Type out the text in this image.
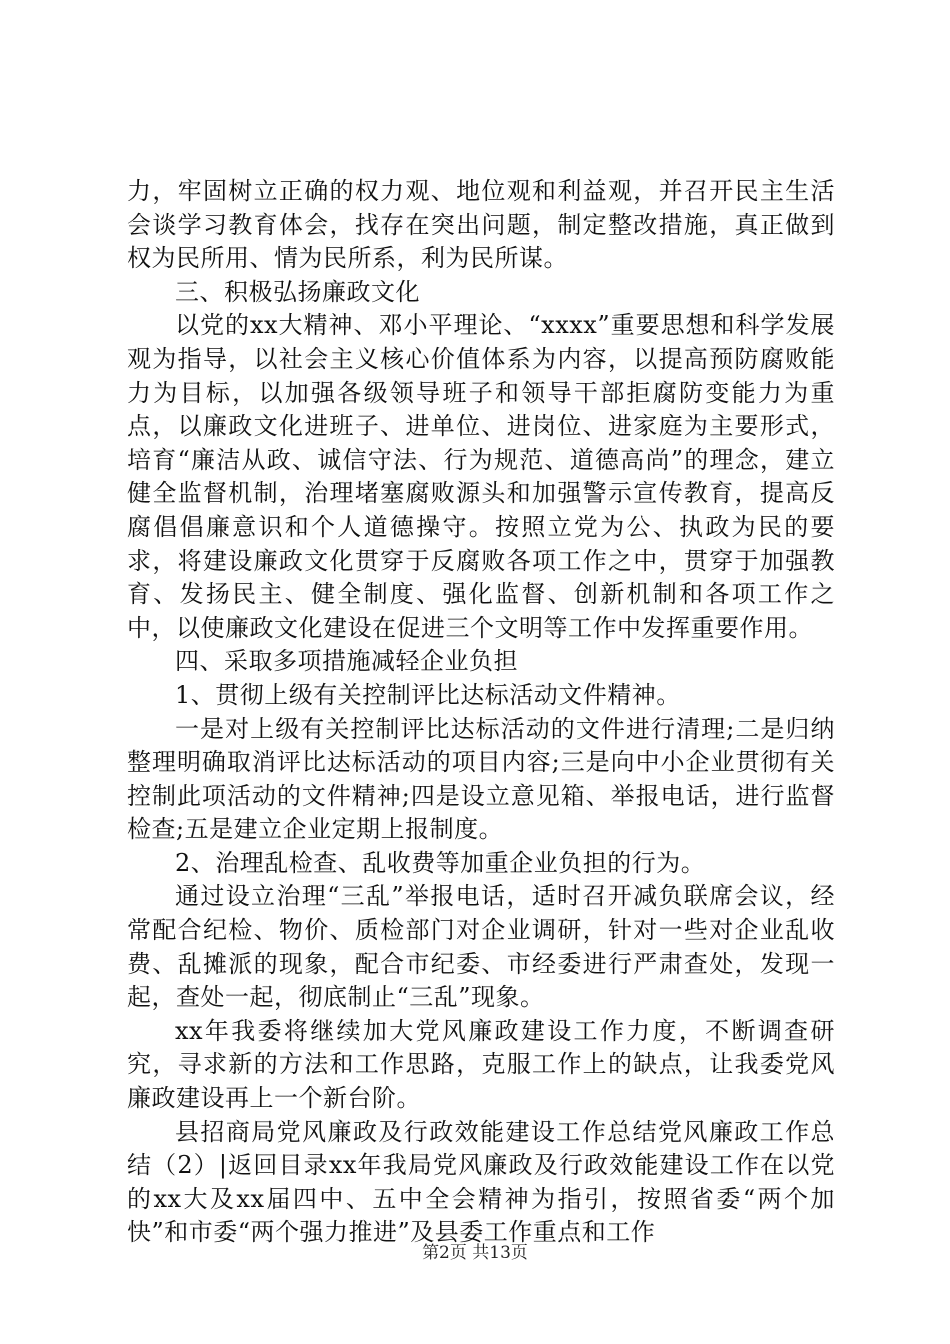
力，牢固树立正确的权力观、地位观和利益观，并召开民主生活会谈学习教育体会，找存在突出问题，制定整改措施，真正做到权为民所用、情为民所系，利为民所谋。

三、积极弘扬廉政文化

以党的xx大精神、邓小平理论、“xxxx”重要思想和科学发展观为指导，以社会主义核心价值体系为内容，以提高预防腐败能力为目标，以加强各级领导班子和领导干部拒腐防变能力为重点，以廉政文化进班子、进单位、进岗位、进家庭为主要形式，培育“廉洁从政、诚信守法、行为规范、道德高尚”的理念，建立健全监督机制，治理堵塞腐败源头和加强警示宣传教育，提高反腐倡倡廉意识和个人道德操守。按照立党为公、执政为民的要求，将建设廉政文化贯穿于反腐败各项工作之中，贯穿于加强教育、发扬民主、健全制度、强化监督、创新机制和各项工作之中，以使廉政文化建设在促进三个文明等工作中发挥重要作用。

四、采取多项措施减轻企业负担

1、贯彻上级有关控制评比达标活动文件精神。

一是对上级有关控制评比达标活动的文件进行清理;二是归纳整理明确取消评比达标活动的项目内容;三是向中小企业贯彻有关控制此项活动的文件精神;四是设立意见箱、举报电话，进行监督检查;五是建立企业定期上报制度。

2、治理乱检查、乱收费等加重企业负担的行为。

通过设立治理“三乱”举报电话，适时召开减负联席会议，经常配合纪检、物价、质检部门对企业调研，针对一些对企业乱收费、乱摊派的现象，配合市纪委、市经委进行严肃查处，发现一起，查处一起，彻底制止“三乱”现象。

xx年我委将继续加大党风廉政建设工作力度，不断调查研究，寻求新的方法和工作思路，克服工作上的缺点，让我委党风廉政建设再上一个新台阶。

县招商局党风廉政及行政效能建设工作总结党风廉政工作总结（2）|返回目录xx年我局党风廉政及行政效能建设工作在以党的xx大及xx届四中、五中全会精神为指引，按照省委“两个加快”和市委“两个强力推进”及县委工作重点和工作

第2页 共13页
